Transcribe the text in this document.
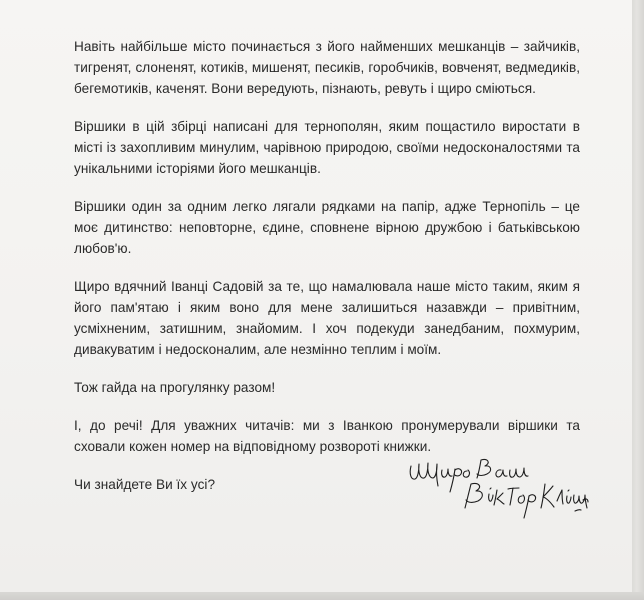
Навіть найбільше місто починається з його найменших мешканців – зайчиків, тигренят, слоненят, котиків, мишенят, песиків, горобчиків, вовченят, ведмедиків, бегемотиків, каченят. Вони вередують, пізнають, ревуть і щиро сміються.

Віршики в цій збірці написані для тернополян, яким пощастило виростати в місті із захопливим минулим, чарівною природою, своїми недосконалостями та унікальними історіями його мешканців.

Віршики один за одним легко лягали рядками на папір, адже Тернопіль – це моє дитинство: неповторне, єдине, сповнене вірною дружбою і батьківською любов'ю.

Щиро вдячний Іванці Садовій за те, що намалювала наше місто таким, яким я його пам'ятаю і яким воно для мене залишиться назавжди – привітним, усміхненим, затишним, знайомим. І хоч подекуди занедбаним, похмурим, дивакуватим і недосконалим, але незмінно теплим і моїм.

Тож гайда на прогулянку разом!

І, до речі! Для уважних читачів: ми з Іванкою пронумерували віршики та сховали кожен номер на відповідному розвороті книжки.

Чи знайдете Ви їх усі?
